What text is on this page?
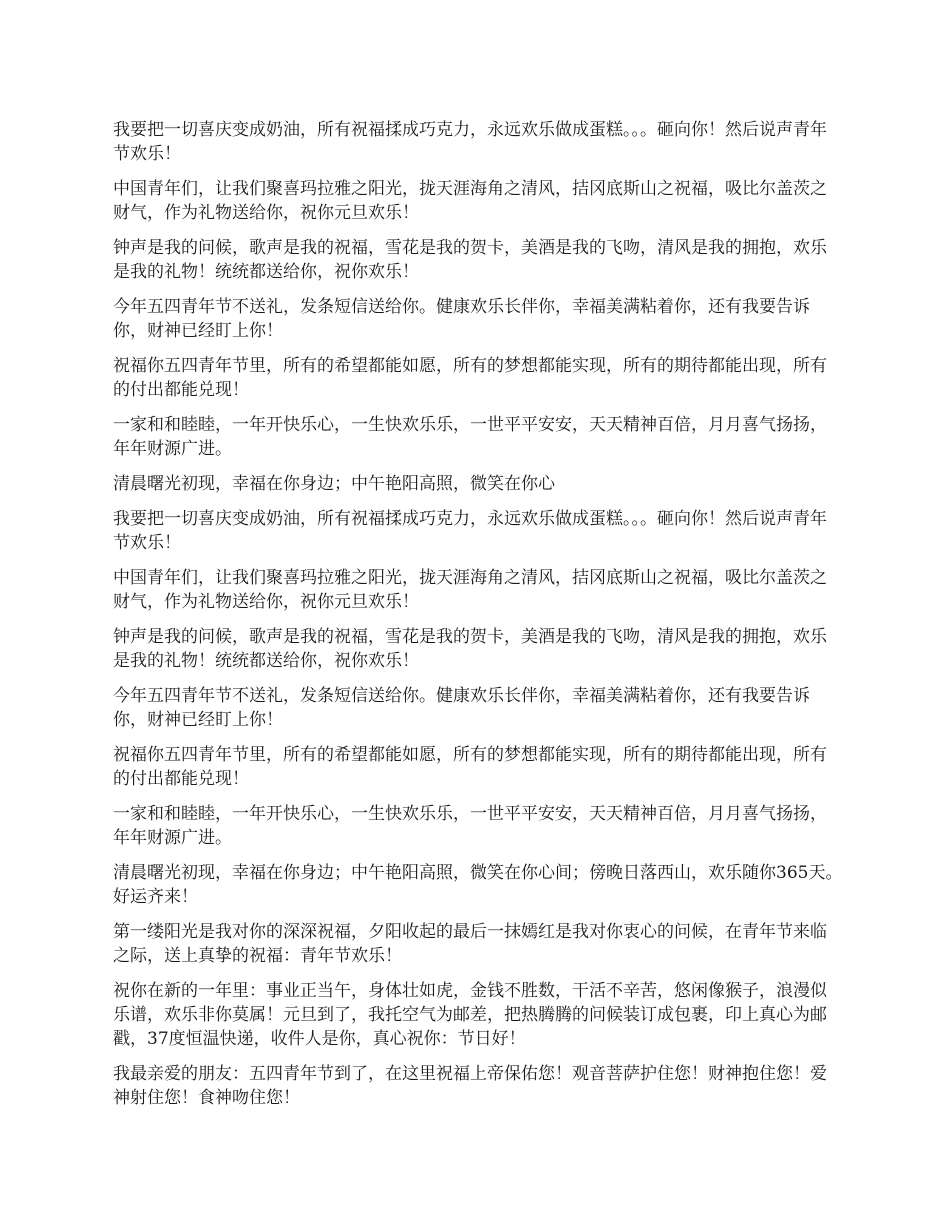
我要把一切喜庆变成奶油，所有祝福揉成巧克力，永远欢乐做成蛋糕。。。砸向你！然后说声青年节欢乐！

中国青年们，让我们聚喜玛拉雅之阳光，拢天涯海角之清风，拮冈底斯山之祝福，吸比尔盖茨之财气，作为礼物送给你，祝你元旦欢乐！

钟声是我的问候，歌声是我的祝福，雪花是我的贺卡，美酒是我的飞吻，清风是我的拥抱，欢乐是我的礼物！统统都送给你，祝你欢乐！

今年五四青年节不送礼，发条短信送给你。健康欢乐长伴你，幸福美满粘着你，还有我要告诉你，财神已经盯上你！

祝福你五四青年节里，所有的希望都能如愿，所有的梦想都能实现，所有的期待都能出现，所有的付出都能兑现！

一家和和睦睦，一年开快乐心，一生快欢乐乐，一世平平安安，天天精神百倍，月月喜气扬扬，年年财源广进。

清晨曙光初现，幸福在你身边；中午艳阳高照，微笑在你心

我要把一切喜庆变成奶油，所有祝福揉成巧克力，永远欢乐做成蛋糕。。。砸向你！然后说声青年节欢乐！

中国青年们，让我们聚喜玛拉雅之阳光，拢天涯海角之清风，拮冈底斯山之祝福，吸比尔盖茨之财气，作为礼物送给你，祝你元旦欢乐！

钟声是我的问候，歌声是我的祝福，雪花是我的贺卡，美酒是我的飞吻，清风是我的拥抱，欢乐是我的礼物！统统都送给你，祝你欢乐！

今年五四青年节不送礼，发条短信送给你。健康欢乐长伴你，幸福美满粘着你，还有我要告诉你，财神已经盯上你！

祝福你五四青年节里，所有的希望都能如愿，所有的梦想都能实现，所有的期待都能出现，所有的付出都能兑现！

一家和和睦睦，一年开快乐心，一生快欢乐乐，一世平平安安，天天精神百倍，月月喜气扬扬，年年财源广进。

清晨曙光初现，幸福在你身边；中午艳阳高照，微笑在你心间；傍晚日落西山，欢乐随你365天。好运齐来！

第一缕阳光是我对你的深深祝福，夕阳收起的最后一抹嫣红是我对你衷心的问候，在青年节来临之际，送上真挚的祝福：青年节欢乐！

祝你在新的一年里：事业正当午，身体壮如虎，金钱不胜数，干活不辛苦，悠闲像猴子，浪漫似乐谱，欢乐非你莫属！元旦到了，我托空气为邮差，把热腾腾的问候装订成包裹，印上真心为邮戳，37度恒温快递，收件人是你，真心祝你：节日好！

我最亲爱的朋友：五四青年节到了，在这里祝福上帝保佑您！观音菩萨护住您！财神抱住您！爱神射住您！食神吻住您！
